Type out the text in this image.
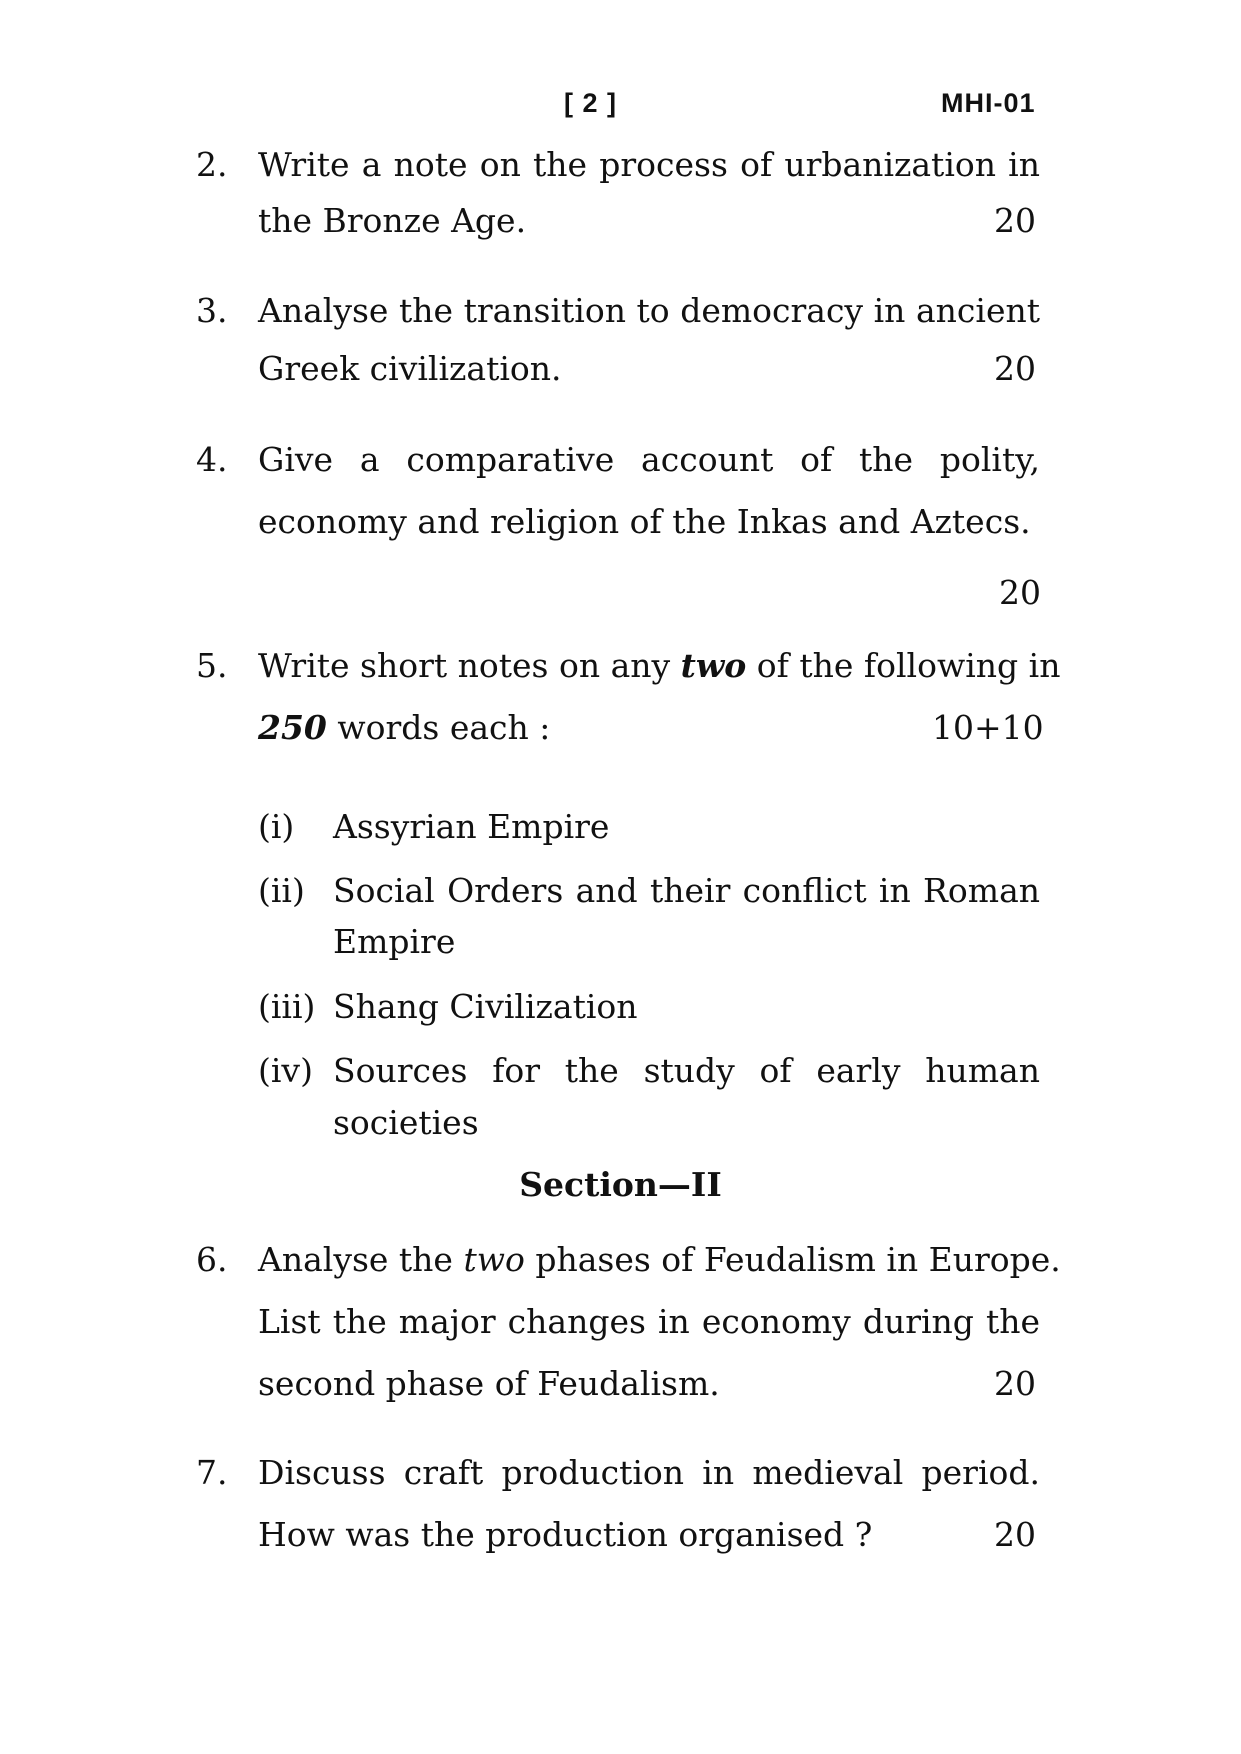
[ 2 ]	MHI-01
2. Write a note on the process of urbanization in
the Bronze Age.	20
3. Analyse the transition to democracy in ancient
Greek civilization.	20
4. Give a comparative account of the polity,
economy and religion of the Inkas and Aztecs.
20
5. Write short notes on any two of the following in
250 words each :	10+10
(i) Assyrian Empire
(ii) Social Orders and their conflict in Roman
Empire
(iii) Shang Civilization
(iv) Sources for the study of early human
societies
Section—II
6. Analyse the two phases of Feudalism in Europe.
List the major changes in economy during the
second phase of Feudalism.	20
7. Discuss craft production in medieval period.
How was the production organised ?	20
